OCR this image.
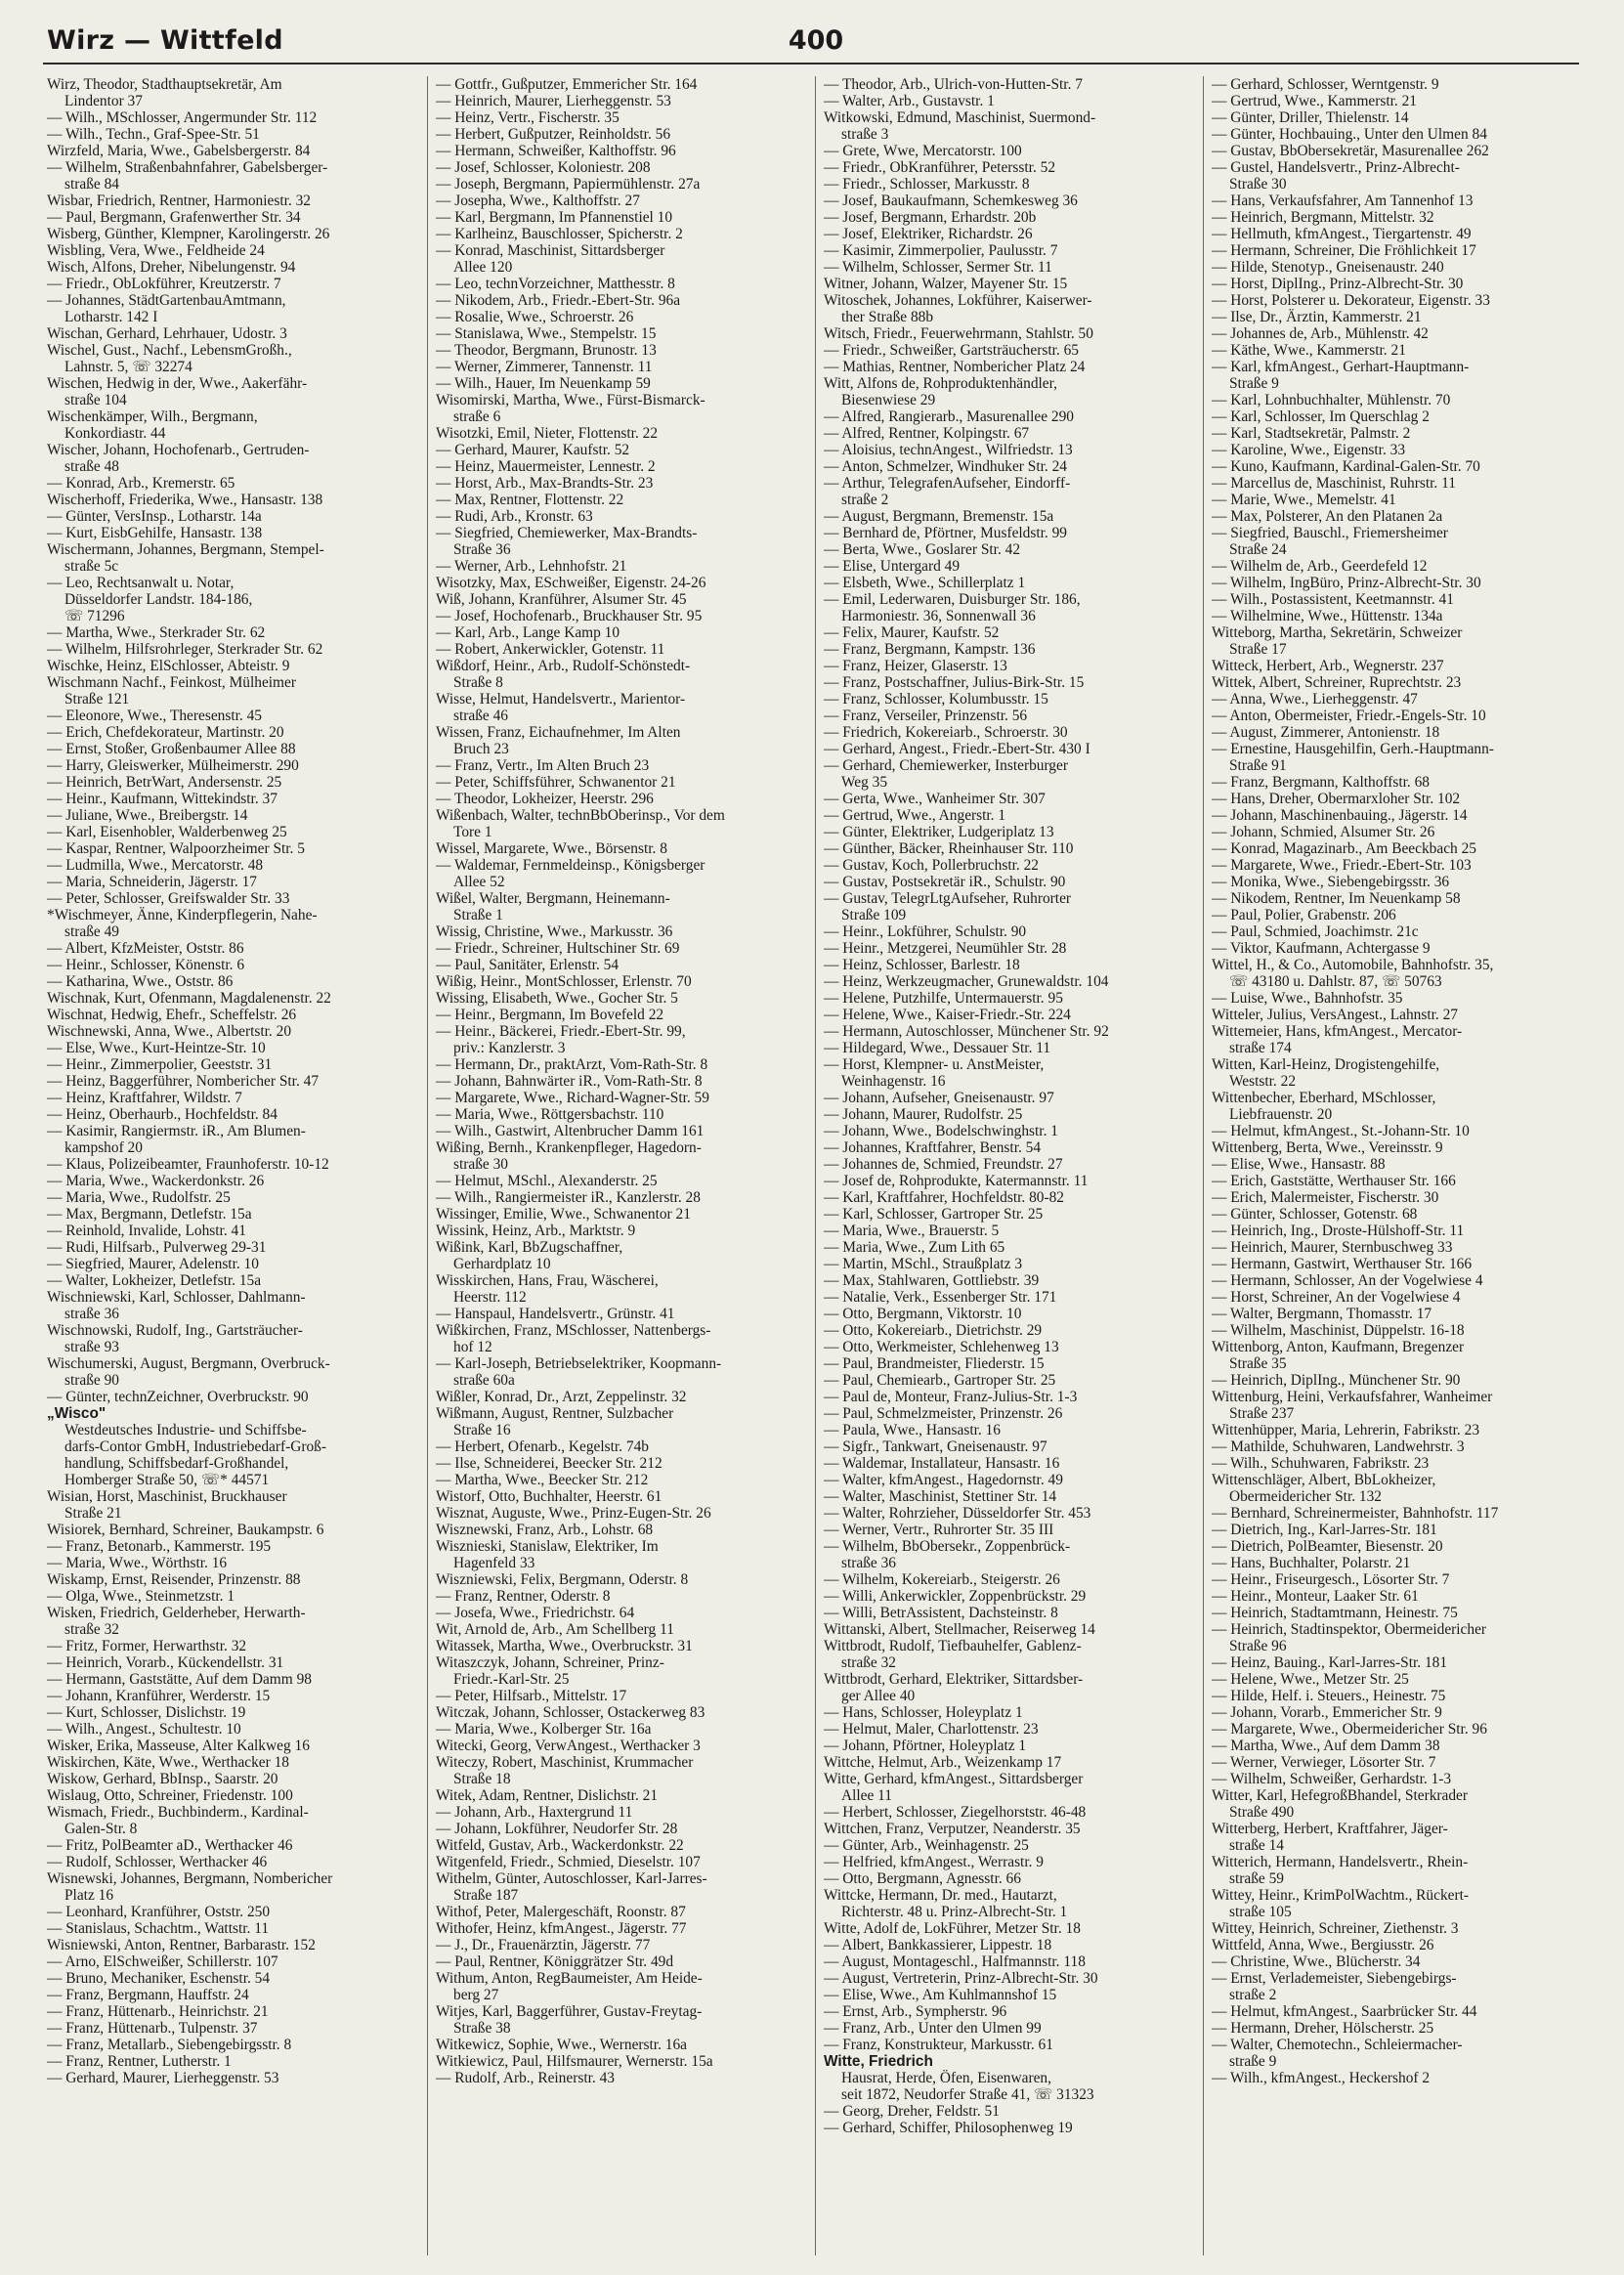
Wirz — Wittfeld	400
Wirz, Theodor, Stadthauptsekretär, Am
Lindentor 37
— Wilh., MSchlosser, Angermunder Str. 112
— Wilh., Techn., Graf-Spee-Str. 51
Wirzfeld, Maria, Wwe., Gabelsbergerstr. 84
— Wilhelm, Straßenbahnfahrer, Gabelsberger-
straße 84
Wisbar, Friedrich, Rentner, Harmoniestr. 32
— Paul, Bergmann, Grafenwerther Str. 34
Wisberg, Günther, Klempner, Karolingerstr. 26
Wisbling, Vera, Wwe., Feldheide 24
Wisch, Alfons, Dreher, Nibelungenstr. 94
— Friedr., ObLokführer, Kreutzerstr. 7
— Johannes, StädtGartenbauAmtmann,
Lotharstr. 142 I
Wischan, Gerhard, Lehrhauer, Udostr. 3
Wischel, Gust., Nachf., LebensmGroßh.,
Lahnstr. 5, ☏ 32274
Wischen, Hedwig in der, Wwe., Aakerfähr-
straße 104
Wischenkämper, Wilh., Bergmann,
Konkordiastr. 44
Wischer, Johann, Hochofenarb., Gertruden-
straße 48
— Konrad, Arb., Kremerstr. 65
Wischerhoff, Friederika, Wwe., Hansastr. 138
— Günter, VersInsp., Lotharstr. 14a
— Kurt, EisbGehilfe, Hansastr. 138
Wischermann, Johannes, Bergmann, Stempel-
straße 5c
— Leo, Rechtsanwalt u. Notar,
Düsseldorfer Landstr. 184-186,
☏ 71296
— Martha, Wwe., Sterkrader Str. 62
— Wilhelm, Hilfsrohrleger, Sterkrader Str. 62
Wischke, Heinz, ElSchlosser, Abteistr. 9
Wischmann Nachf., Feinkost, Mülheimer
Straße 121
— Eleonore, Wwe., Theresenstr. 45
— Erich, Chefdekorateur, Martinstr. 20
— Ernst, Stoßer, Großenbaumer Allee 88
— Harry, Gleiswerker, Mülheimerstr. 290
— Heinrich, BetrWart, Andersenstr. 25
— Heinr., Kaufmann, Wittekindstr. 37
— Juliane, Wwe., Breibergstr. 14
— Karl, Eisenhobler, Walderbenweg 25
— Kaspar, Rentner, Walpoorzheimer Str. 5
— Ludmilla, Wwe., Mercatorstr. 48
— Maria, Schneiderin, Jägerstr. 17
— Peter, Schlosser, Greifswalder Str. 33
*Wischmeyer, Änne, Kinderpflegerin, Nahe-
straße 49
— Albert, KfzMeister, Oststr. 86
— Heinr., Schlosser, Könenstr. 6
— Katharina, Wwe., Oststr. 86
Wischnak, Kurt, Ofenmann, Magdalenenstr. 22
Wischnat, Hedwig, Ehefr., Scheffelstr. 26
Wischnewski, Anna, Wwe., Albertstr. 20
— Else, Wwe., Kurt-Heintze-Str. 10
— Heinr., Zimmerpolier, Geeststr. 31
— Heinz, Baggerführer, Nombericher Str. 47
— Heinz, Kraftfahrer, Wildstr. 7
— Heinz, Oberhaurb., Hochfeldstr. 84
— Kasimir, Rangiermstr. iR., Am Blumen-
kampshof 20
— Klaus, Polizeibeamter, Fraunhoferstr. 10-12
— Maria, Wwe., Wackerdonkstr. 26
— Maria, Wwe., Rudolfstr. 25
— Max, Bergmann, Detlefstr. 15a
— Reinhold, Invalide, Lohstr. 41
— Rudi, Hilfsarb., Pulverweg 29-31
— Siegfried, Maurer, Adelenstr. 10
— Walter, Lokheizer, Detlefstr. 15a
Wischniewski, Karl, Schlosser, Dahlmann-
straße 36
Wischnowski, Rudolf, Ing., Gartsträucher-
straße 93
Wischumerski, August, Bergmann, Overbruck-
straße 90
— Günter, technZeichner, Overbruckstr. 90
„Wisco"
Westdeutsches Industrie- und Schiffsbe-
darfs-Contor GmbH, Industriebedarf-Groß-
handlung, Schiffsbedarf-Großhandel,
Homberger Straße 50, ☏* 44571
Wisian, Horst, Maschinist, Bruckhauser
Straße 21
Wisiorek, Bernhard, Schreiner, Baukampstr. 6
— Franz, Betonarb., Kammerstr. 195
— Maria, Wwe., Wörthstr. 16
Wiskamp, Ernst, Reisender, Prinzenstr. 88
— Olga, Wwe., Steinmetzstr. 1
Wisken, Friedrich, Gelderheber, Herwarth-
straße 32
— Fritz, Former, Herwarthstr. 32
— Heinrich, Vorarb., Kückendellstr. 31
— Hermann, Gaststätte, Auf dem Damm 98
— Johann, Kranführer, Werderstr. 15
— Kurt, Schlosser, Dislichstr. 19
— Wilh., Angest., Schultestr. 10
Wisker, Erika, Masseuse, Alter Kalkweg 16
Wiskirchen, Käte, Wwe., Werthacker 18
Wiskow, Gerhard, BbInsp., Saarstr. 20
Wislaug, Otto, Schreiner, Friedenstr. 100
Wismach, Friedr., Buchbinderm., Kardinal-
Galen-Str. 8
— Fritz, PolBeamter aD., Werthacker 46
— Rudolf, Schlosser, Werthacker 46
Wisnewski, Johannes, Bergmann, Nombericher
Platz 16
— Leonhard, Kranführer, Oststr. 250
— Stanislaus, Schachtm., Wattstr. 11
Wisniewski, Anton, Rentner, Barbarastr. 152
— Arno, ElSchweißer, Schillerstr. 107
— Bruno, Mechaniker, Eschenstr. 54
— Franz, Bergmann, Hauffstr. 24
— Franz, Hüttenarb., Heinrichstr. 21
— Franz, Hüttenarb., Tulpenstr. 37
— Franz, Metallarb., Siebengebirgsstr. 8
— Franz, Rentner, Lutherstr. 1
— Gerhard, Maurer, Lierheggenstr. 53
— Gottfr., Gußputzer, Emmericher Str. 164
— Heinrich, Maurer, Lierheggenstr. 53
— Heinz, Vertr., Fischerstr. 35
— Herbert, Gußputzer, Reinholdstr. 56
— Hermann, Schweißer, Kalthoffstr. 96
— Josef, Schlosser, Koloniestr. 208
— Joseph, Bergmann, Papiermühlenstr. 27a
— Josepha, Wwe., Kalthoffstr. 27
— Karl, Bergmann, Im Pfannenstiel 10
— Karlheinz, Bauschlosser, Spicherstr. 2
— Konrad, Maschinist, Sittardsberger
Allee 120
— Leo, technVorzeichner, Matthesstr. 8
— Nikodem, Arb., Friedr.-Ebert-Str. 96a
— Rosalie, Wwe., Schroerstr. 26
— Stanislawa, Wwe., Stempelstr. 15
— Theodor, Bergmann, Brunostr. 13
— Werner, Zimmerer, Tannenstr. 11
— Wilh., Hauer, Im Neuenkamp 59
Wisomirski, Martha, Wwe., Fürst-Bismarck-
straße 6
Wisotzki, Emil, Nieter, Flottenstr. 22
— Gerhard, Maurer, Kaufstr. 52
— Heinz, Mauermeister, Lennestr. 2
— Horst, Arb., Max-Brandts-Str. 23
— Max, Rentner, Flottenstr. 22
— Rudi, Arb., Kronstr. 63
— Siegfried, Chemiewerker, Max-Brandts-
Straße 36
— Werner, Arb., Lehnhofstr. 21
Wisotzky, Max, ESchweißer, Eigenstr. 24-26
Wiß, Johann, Kranführer, Alsumer Str. 45
— Josef, Hochofenarb., Bruckhauser Str. 95
— Karl, Arb., Lange Kamp 10
— Robert, Ankerwickler, Gotenstr. 11
Wißdorf, Heinr., Arb., Rudolf-Schönstedt-
Straße 8
Wisse, Helmut, Handelsvertr., Marientor-
straße 46
Wissen, Franz, Eichaufnehmer, Im Alten
Bruch 23
— Franz, Vertr., Im Alten Bruch 23
— Peter, Schiffsführer, Schwanentor 21
— Theodor, Lokheizer, Heerstr. 296
Wißenbach, Walter, technBbOberinsp., Vor dem
Tore 1
Wissel, Margarete, Wwe., Börsenstr. 8
— Waldemar, Fernmeldeinsp., Königsberger
Allee 52
Wißel, Walter, Bergmann, Heinemann-
Straße 1
Wissig, Christine, Wwe., Markusstr. 36
— Friedr., Schreiner, Hultschiner Str. 69
— Paul, Sanitäter, Erlenstr. 54
Wißig, Heinr., MontSchlosser, Erlenstr. 70
Wissing, Elisabeth, Wwe., Gocher Str. 5
— Heinr., Bergmann, Im Bovefeld 22
— Heinr., Bäckerei, Friedr.-Ebert-Str. 99,
priv.: Kanzlerstr. 3
— Hermann, Dr., praktArzt, Vom-Rath-Str. 8
— Johann, Bahnwärter iR., Vom-Rath-Str. 8
— Margarete, Wwe., Richard-Wagner-Str. 59
— Maria, Wwe., Röttgersbachstr. 110
— Wilh., Gastwirt, Altenbrucher Damm 161
Wißing, Bernh., Krankenpfleger, Hagedorn-
straße 30
— Helmut, MSchl., Alexanderstr. 25
— Wilh., Rangiermeister iR., Kanzlerstr. 28
Wissinger, Emilie, Wwe., Schwanentor 21
Wissink, Heinz, Arb., Marktstr. 9
Wißink, Karl, BbZugschaffner,
Gerhardplatz 10
Wisskirchen, Hans, Frau, Wäscherei,
Heerstr. 112
— Hanspaul, Handelsvertr., Grünstr. 41
Wißkirchen, Franz, MSchlosser, Nattenbergs-
hof 12
— Karl-Joseph, Betriebselektriker, Koopmann-
straße 60a
Wißler, Konrad, Dr., Arzt, Zeppelinstr. 32
Wißmann, August, Rentner, Sulzbacher
Straße 16
— Herbert, Ofenarb., Kegelstr. 74b
— Ilse, Schneiderei, Beecker Str. 212
— Martha, Wwe., Beecker Str. 212
Wistorf, Otto, Buchhalter, Heerstr. 61
Wisznat, Auguste, Wwe., Prinz-Eugen-Str. 26
Wisznewski, Franz, Arb., Lohstr. 68
Wisznieski, Stanislaw, Elektriker, Im
Hagenfeld 33
Wiszniewski, Felix, Bergmann, Oderstr. 8
— Franz, Rentner, Oderstr. 8
— Josefa, Wwe., Friedrichstr. 64
Wit, Arnold de, Arb., Am Schellberg 11
Witassek, Martha, Wwe., Overbruckstr. 31
Witaszczyk, Johann, Schreiner, Prinz-
Friedr.-Karl-Str. 25
— Peter, Hilfsarb., Mittelstr. 17
Witczak, Johann, Schlosser, Ostackerweg 83
— Maria, Wwe., Kolberger Str. 16a
Witecki, Georg, VerwAngest., Werthacker 3
Witeczy, Robert, Maschinist, Krummacher
Straße 18
Witek, Adam, Rentner, Dislichstr. 21
— Johann, Arb., Haxtergrund 11
— Johann, Lokführer, Neudorfer Str. 28
Witfeld, Gustav, Arb., Wackerdonkstr. 22
Witgenfeld, Friedr., Schmied, Dieselstr. 107
Withelm, Günter, Autoschlosser, Karl-Jarres-
Straße 187
Withof, Peter, Malergeschäft, Roonstr. 87
Withofer, Heinz, kfmAngest., Jägerstr. 77
— J., Dr., Frauenärztin, Jägerstr. 77
— Paul, Rentner, Königgrätzer Str. 49d
Withum, Anton, RegBaumeister, Am Heide-
berg 27
Witjes, Karl, Baggerführer, Gustav-Freytag-
Straße 38
Witkewicz, Sophie, Wwe., Wernerstr. 16a
Witkiewicz, Paul, Hilfsmaurer, Wernerstr. 15a
— Rudolf, Arb., Reinerstr. 43
— Theodor, Arb., Ulrich-von-Hutten-Str. 7
— Walter, Arb., Gustavstr. 1
Witkowski, Edmund, Maschinist, Suermond-
straße 3
— Grete, Wwe, Mercatorstr. 100
— Friedr., ObKranführer, Petersstr. 52
— Friedr., Schlosser, Markusstr. 8
— Josef, Baukaufmann, Schemkesweg 36
— Josef, Bergmann, Erhardstr. 20b
— Josef, Elektriker, Richardstr. 26
— Kasimir, Zimmerpolier, Paulusstr. 7
— Wilhelm, Schlosser, Sermer Str. 11
Witner, Johann, Walzer, Mayener Str. 15
Witoschek, Johannes, Lokführer, Kaiserwer-
ther Straße 88b
Witsch, Friedr., Feuerwehrmann, Stahlstr. 50
— Friedr., Schweißer, Gartsträucherstr. 65
— Mathias, Rentner, Nombericher Platz 24
Witt, Alfons de, Rohproduktenhändler,
Biesenwiese 29
— Alfred, Rangierarb., Masurenallee 290
— Alfred, Rentner, Kolpingstr. 67
— Aloisius, technAngest., Wilfriedstr. 13
— Anton, Schmelzer, Windhuker Str. 24
— Arthur, TelegrafenAufseher, Eindorff-
straße 2
— August, Bergmann, Bremenstr. 15a
— Bernhard de, Pförtner, Musfeldstr. 99
— Berta, Wwe., Goslarer Str. 42
— Elise, Untergard 49
— Elsbeth, Wwe., Schillerplatz 1
— Emil, Lederwaren, Duisburger Str. 186,
Harmoniestr. 36, Sonnenwall 36
— Felix, Maurer, Kaufstr. 52
— Franz, Bergmann, Kampstr. 136
— Franz, Heizer, Glaserstr. 13
— Franz, Postschaffner, Julius-Birk-Str. 15
— Franz, Schlosser, Kolumbusstr. 15
— Franz, Verseiler, Prinzenstr. 56
— Friedrich, Kokereiarb., Schroerstr. 30
— Gerhard, Angest., Friedr.-Ebert-Str. 430 I
— Gerhard, Chemiewerker, Insterburger
Weg 35
— Gerta, Wwe., Wanheimer Str. 307
— Gertrud, Wwe., Angerstr. 1
— Günter, Elektriker, Ludgeriplatz 13
— Günther, Bäcker, Rheinhauser Str. 110
— Gustav, Koch, Pollerbruchstr. 22
— Gustav, Postsekretär iR., Schulstr. 90
— Gustav, TelegrLtgAufseher, Ruhrorter
Straße 109
— Heinr., Lokführer, Schulstr. 90
— Heinr., Metzgerei, Neumühler Str. 28
— Heinz, Schlosser, Barlestr. 18
— Heinz, Werkzeugmacher, Grunewaldstr. 104
— Helene, Putzhilfe, Untermauerstr. 95
— Helene, Wwe., Kaiser-Friedr.-Str. 224
— Hermann, Autoschlosser, Münchener Str. 92
— Hildegard, Wwe., Dessauer Str. 11
— Horst, Klempner- u. AnstMeister,
Weinhagenstr. 16
— Johann, Aufseher, Gneisenaustr. 97
— Johann, Maurer, Rudolfstr. 25
— Johann, Wwe., Bodelschwinghstr. 1
— Johannes, Kraftfahrer, Benstr. 54
— Johannes de, Schmied, Freundstr. 27
— Josef de, Rohprodukte, Katermannstr. 11
— Karl, Kraftfahrer, Hochfeldstr. 80-82
— Karl, Schlosser, Gartroper Str. 25
— Maria, Wwe., Brauerstr. 5
— Maria, Wwe., Zum Lith 65
— Martin, MSchl., Straußplatz 3
— Max, Stahlwaren, Gottliebstr. 39
— Natalie, Verk., Essenberger Str. 171
— Otto, Bergmann, Viktorstr. 10
— Otto, Kokereiarb., Dietrichstr. 29
— Otto, Werkmeister, Schlehenweg 13
— Paul, Brandmeister, Fliederstr. 15
— Paul, Chemiearb., Gartroper Str. 25
— Paul de, Monteur, Franz-Julius-Str. 1-3
— Paul, Schmelzmeister, Prinzenstr. 26
— Paula, Wwe., Hansastr. 16
— Sigfr., Tankwart, Gneisenaustr. 97
— Waldemar, Installateur, Hansastr. 16
— Walter, kfmAngest., Hagedornstr. 49
— Walter, Maschinist, Stettiner Str. 14
— Walter, Rohrzieher, Düsseldorfer Str. 453
— Werner, Vertr., Ruhrorter Str. 35 III
— Wilhelm, BbObersekr., Zoppenbrück-
straße 36
— Wilhelm, Kokereiarb., Steigerstr. 26
— Willi, Ankerwickler, Zoppenbrückstr. 29
— Willi, BetrAssistent, Dachsteinstr. 8
Wittanski, Albert, Stellmacher, Reiserweg 14
Wittbrodt, Rudolf, Tiefbauhelfer, Gablenz-
straße 32
Wittbrodt, Gerhard, Elektriker, Sittardsber-
ger Allee 40
— Hans, Schlosser, Holeyplatz 1
— Helmut, Maler, Charlottenstr. 23
— Johann, Pförtner, Holeyplatz 1
Wittche, Helmut, Arb., Weizenkamp 17
Witte, Gerhard, kfmAngest., Sittardsberger
Allee 11
— Herbert, Schlosser, Ziegelhorststr. 46-48
Wittchen, Franz, Verputzer, Neanderstr. 35
— Günter, Arb., Weinhagenstr. 25
— Helfried, kfmAngest., Werrastr. 9
— Otto, Bergmann, Agnesstr. 66
Wittcke, Hermann, Dr. med., Hautarzt,
Richterstr. 48 u. Prinz-Albrecht-Str. 1
Witte, Adolf de, LokFührer, Metzer Str. 18
— Albert, Bankkassierer, Lippestr. 18
— August, Montageschl., Halfmannstr. 118
— August, Vertreterin, Prinz-Albrecht-Str. 30
— Elise, Wwe., Am Kuhlmannshof 15
— Ernst, Arb., Sympherstr. 96
— Franz, Arb., Unter den Ulmen 99
— Franz, Konstrukteur, Markusstr. 61
Witte, Friedrich
Hausrat, Herde, Öfen, Eisenwaren,
seit 1872, Neudorfer Straße 41, ☏ 31323
— Georg, Dreher, Feldstr. 51
— Gerhard, Schiffer, Philosophenweg 19
— Gerhard, Schlosser, Werntgenstr. 9
— Gertrud, Wwe., Kammerstr. 21
— Günter, Driller, Thielenstr. 14
— Günter, Hochbauing., Unter den Ulmen 84
— Gustav, BbObersekretär, Masurenallee 262
— Gustel, Handelsvertr., Prinz-Albrecht-
Straße 30
— Hans, Verkaufsfahrer, Am Tannenhof 13
— Heinrich, Bergmann, Mittelstr. 32
— Hellmuth, kfmAngest., Tiergartenstr. 49
— Hermann, Schreiner, Die Fröhlichkeit 17
— Hilde, Stenotyp., Gneisenaustr. 240
— Horst, DiplIng., Prinz-Albrecht-Str. 30
— Horst, Polsterer u. Dekorateur, Eigenstr. 33
— Ilse, Dr., Ärztin, Kammerstr. 21
— Johannes de, Arb., Mühlenstr. 42
— Käthe, Wwe., Kammerstr. 21
— Karl, kfmAngest., Gerhart-Hauptmann-
Straße 9
— Karl, Lohnbuchhalter, Mühlenstr. 70
— Karl, Schlosser, Im Querschlag 2
— Karl, Stadtsekretär, Palmstr. 2
— Karoline, Wwe., Eigenstr. 33
— Kuno, Kaufmann, Kardinal-Galen-Str. 70
— Marcellus de, Maschinist, Ruhrstr. 11
— Marie, Wwe., Memelstr. 41
— Max, Polsterer, An den Platanen 2a
— Siegfried, Bauschl., Friemersheimer
Straße 24
— Wilhelm de, Arb., Geerdefeld 12
— Wilhelm, IngBüro, Prinz-Albrecht-Str. 30
— Wilh., Postassistent, Keetmannstr. 41
— Wilhelmine, Wwe., Hüttenstr. 134a
Witteborg, Martha, Sekretärin, Schweizer
Straße 17
Witteck, Herbert, Arb., Wegnerstr. 237
Wittek, Albert, Schreiner, Ruprechtstr. 23
— Anna, Wwe., Lierheggenstr. 47
— Anton, Obermeister, Friedr.-Engels-Str. 10
— August, Zimmerer, Antonienstr. 18
— Ernestine, Hausgehilfin, Gerh.-Hauptmann-
Straße 91
— Franz, Bergmann, Kalthoffstr. 68
— Hans, Dreher, Obermarxloher Str. 102
— Johann, Maschinenbauing., Jägerstr. 14
— Johann, Schmied, Alsumer Str. 26
— Konrad, Magazinarb., Am Beeckbach 25
— Margarete, Wwe., Friedr.-Ebert-Str. 103
— Monika, Wwe., Siebengebirgsstr. 36
— Nikodem, Rentner, Im Neuenkamp 58
— Paul, Polier, Grabenstr. 206
— Paul, Schmied, Joachimstr. 21c
— Viktor, Kaufmann, Achtergasse 9
Wittel, H., & Co., Automobile, Bahnhofstr. 35,
☏ 43180 u. Dahlstr. 87, ☏ 50763
— Luise, Wwe., Bahnhofstr. 35
Witteler, Julius, VersAngest., Lahnstr. 27
Wittemeier, Hans, kfmAngest., Mercator-
straße 174
Witten, Karl-Heinz, Drogistengehilfe,
Weststr. 22
Wittenbecher, Eberhard, MSchlosser,
Liebfrauenstr. 20
— Helmut, kfmAngest., St.-Johann-Str. 10
Wittenberg, Berta, Wwe., Vereinsstr. 9
— Elise, Wwe., Hansastr. 88
— Erich, Gaststätte, Werthauser Str. 166
— Erich, Malermeister, Fischerstr. 30
— Günter, Schlosser, Gotenstr. 68
— Heinrich, Ing., Droste-Hülshoff-Str. 11
— Heinrich, Maurer, Sternbuschweg 33
— Hermann, Gastwirt, Werthauser Str. 166
— Hermann, Schlosser, An der Vogelwiese 4
— Horst, Schreiner, An der Vogelwiese 4
— Walter, Bergmann, Thomasstr. 17
— Wilhelm, Maschinist, Düppelstr. 16-18
Wittenborg, Anton, Kaufmann, Bregenzer
Straße 35
— Heinrich, DiplIng., Münchener Str. 90
Wittenburg, Heini, Verkaufsfahrer, Wanheimer
Straße 237
Wittenhüpper, Maria, Lehrerin, Fabrikstr. 23
— Mathilde, Schuhwaren, Landwehrstr. 3
— Wilh., Schuhwaren, Fabrikstr. 23
Wittenschläger, Albert, BbLokheizer,
Obermeidericher Str. 132
— Bernhard, Schreinermeister, Bahnhofstr. 117
— Dietrich, Ing., Karl-Jarres-Str. 181
— Dietrich, PolBeamter, Biesenstr. 20
— Hans, Buchhalter, Polarstr. 21
— Heinr., Friseurgesch., Lösorter Str. 7
— Heinr., Monteur, Laaker Str. 61
— Heinrich, Stadtamtmann, Heinestr. 75
— Heinrich, Stadtinspektor, Obermeidericher
Straße 96
— Heinz, Bauing., Karl-Jarres-Str. 181
— Helene, Wwe., Metzer Str. 25
— Hilde, Helf. i. Steuers., Heinestr. 75
— Johann, Vorarb., Emmericher Str. 9
— Margarete, Wwe., Obermeidericher Str. 96
— Martha, Wwe., Auf dem Damm 38
— Werner, Verwieger, Lösorter Str. 7
— Wilhelm, Schweißer, Gerhardstr. 1-3
Witter, Karl, HefegroßBhandel, Sterkrader
Straße 490
Witterberg, Herbert, Kraftfahrer, Jäger-
straße 14
Witterich, Hermann, Handelsvertr., Rhein-
straße 59
Wittey, Heinr., KrimPolWachtm., Rückert-
straße 105
Wittey, Heinrich, Schreiner, Ziethenstr. 3
Wittfeld, Anna, Wwe., Bergiusstr. 26
— Christine, Wwe., Blücherstr. 34
— Ernst, Verlademeister, Siebengebirgs-
straße 2
— Helmut, kfmAngest., Saarbrücker Str. 44
— Hermann, Dreher, Hölscherstr. 25
— Walter, Chemotechn., Schleiermacher-
straße 9
— Wilh., kfmAngest., Heckershof 2
